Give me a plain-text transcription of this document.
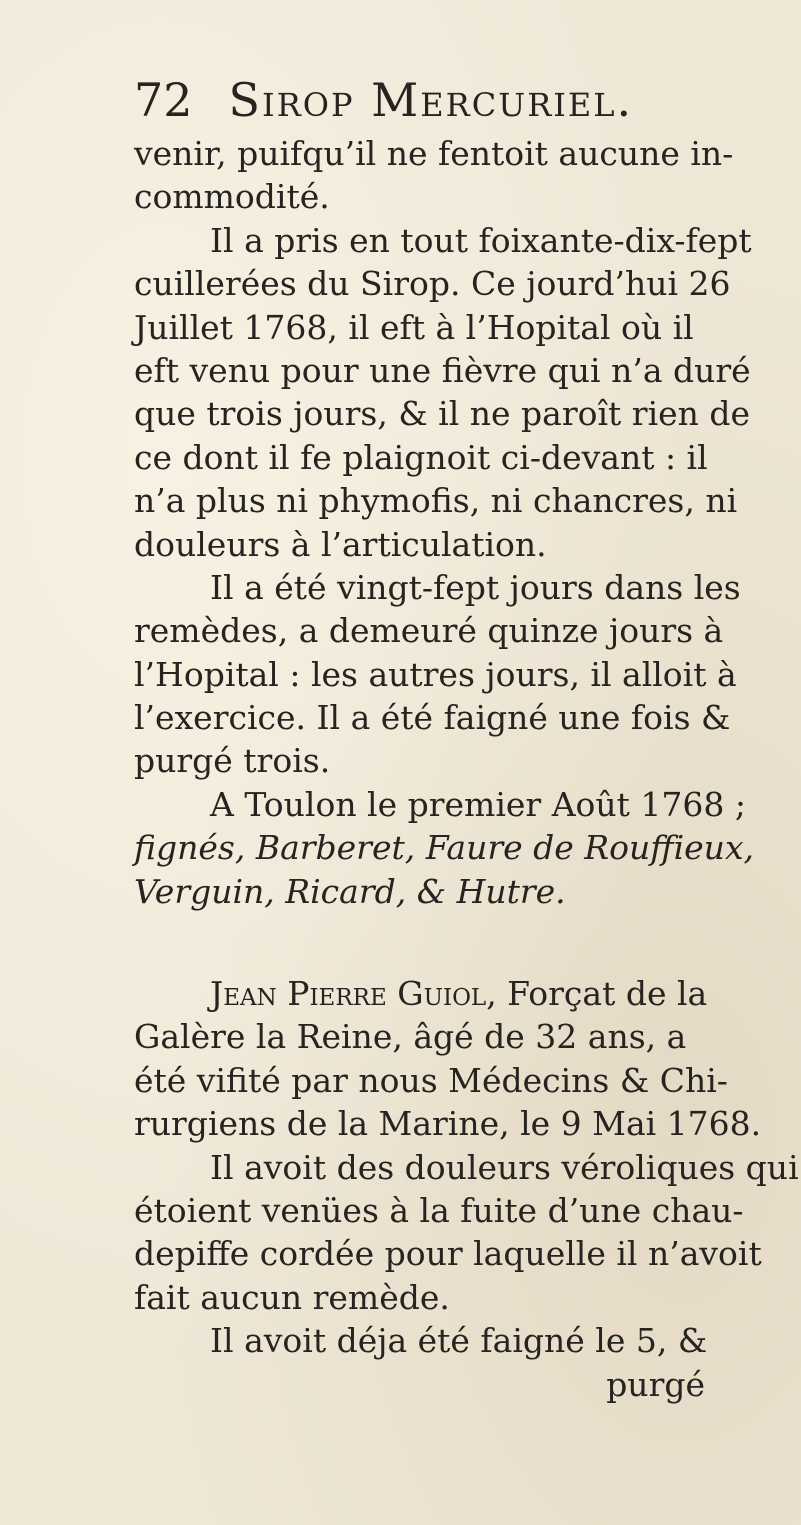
72 Sirop Mercuriel.
venir, puifqu’il ne fentoit aucune in-
commodité.
Il a pris en tout foixante-dix-fept
cuillerées du Sirop. Ce jourd’hui 26
Juillet 1768, il eft à l’Hopital où il
eft venu pour une fièvre qui n’a duré
que trois jours, & il ne paroît rien de
ce dont il fe plaignoit ci-devant : il
n’a plus ni phymofis, ni chancres, ni
douleurs à l’articulation.
Il a été vingt-fept jours dans les
remèdes, a demeuré quinze jours à
l’Hopital : les autres jours, il alloit à
l’exercice. Il a été faigné une fois &
purgé trois.
A Toulon le premier Août 1768 ;
fignés, Barberet, Faure de Rouffieux,
Verguin, Ricard, & Hutre.
Jean Pierre Guiol, Forçat de la
Galère la Reine, âgé de 32 ans, a
été vifité par nous Médecins & Chi-
rurgiens de la Marine, le 9 Mai 1768.
Il avoit des douleurs véroliques qui
étoient venües à la fuite d’une chau-
depiffe cordée pour laquelle il n’avoit
fait aucun remède.
Il avoit déja été faigné le 5, &
purgé
